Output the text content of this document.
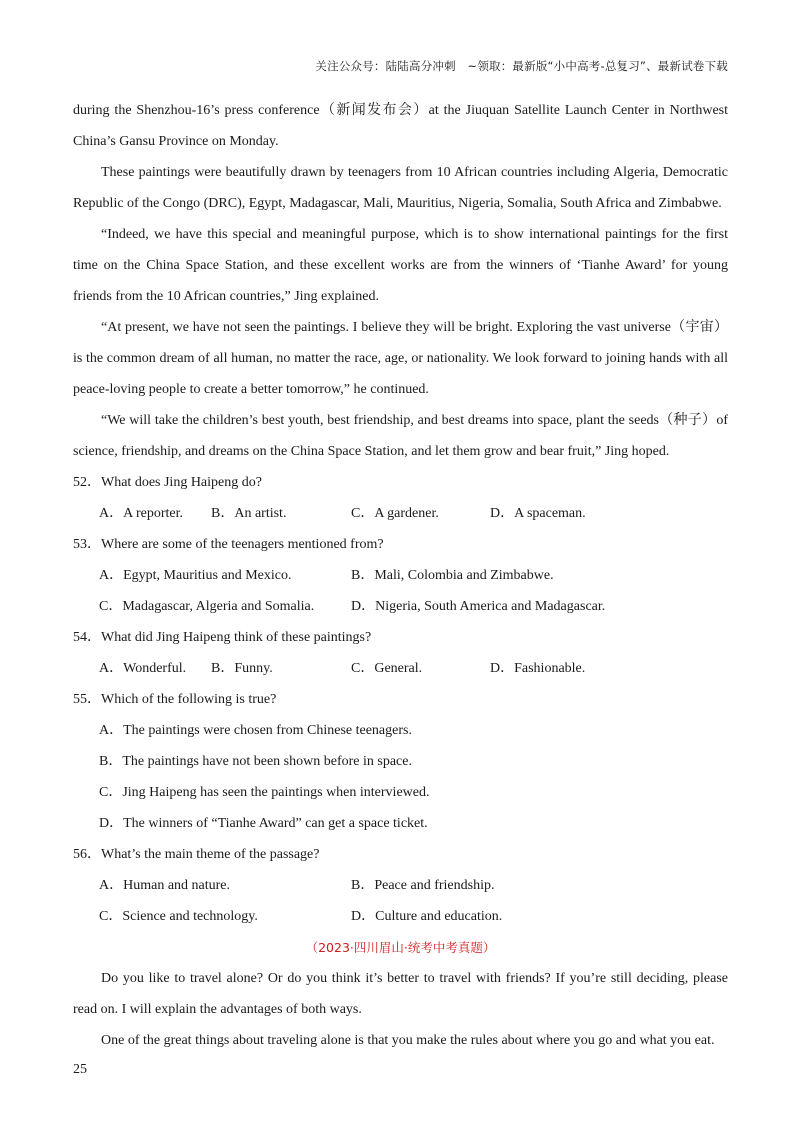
关注公众号：陆陆高分冲刺　~领取：最新版“小中高考-总复习”、最新试卷下载

during the Shenzhou-16’s press conference（新闻发布会）at the Jiuquan Satellite Launch Center in Northwest China’s Gansu Province on Monday.

These paintings were beautifully drawn by teenagers from 10 African countries including Algeria, Democratic Republic of the Congo (DRC), Egypt, Madagascar, Mali, Mauritius, Nigeria, Somalia, South Africa and Zimbabwe.

“Indeed, we have this special and meaningful purpose, which is to show international paintings for the first time on the China Space Station, and these excellent works are from the winners of ‘Tianhe Award’ for young friends from the 10 African countries,” Jing explained.

“At present, we have not seen the paintings. I believe they will be bright. Exploring the vast universe（宇宙）is the common dream of all human, no matter the race, age, or nationality. We look forward to joining hands with all peace-loving people to create a better tomorrow,” he continued.

“We will take the children’s best youth, best friendship, and best dreams into space, plant the seeds（种子）of science, friendship, and dreams on the China Space Station, and let them grow and bear fruit,” Jing hoped.

52．What does Jing Haipeng do?

A．A reporter. B．An artist.	C．A gardener.	D．A spaceman.

53．Where are some of the teenagers mentioned from?

A．Egypt, Mauritius and Mexico.	B．Mali, Colombia and Zimbabwe.
C．Madagascar, Algeria and Somalia.	D．Nigeria, South America and Madagascar.

54．What did Jing Haipeng think of these paintings?

A．Wonderful. B．Funny.	C．General.	D．Fashionable.

55．Which of the following is true?

A．The paintings were chosen from Chinese teenagers.
B．The paintings have not been shown before in space.
C．Jing Haipeng has seen the paintings when interviewed.
D．The winners of “Tianhe Award” can get a space ticket.

56．What’s the main theme of the passage?

A．Human and nature.	B．Peace and friendship.
C．Science and technology.	D．Culture and education.

（2023·四川眉山·统考中考真题）

Do you like to travel alone? Or do you think it’s better to travel with friends? If you’re still deciding, please read on. I will explain the advantages of both ways.

One of the great things about traveling alone is that you make the rules about where you go and what you eat.

25
